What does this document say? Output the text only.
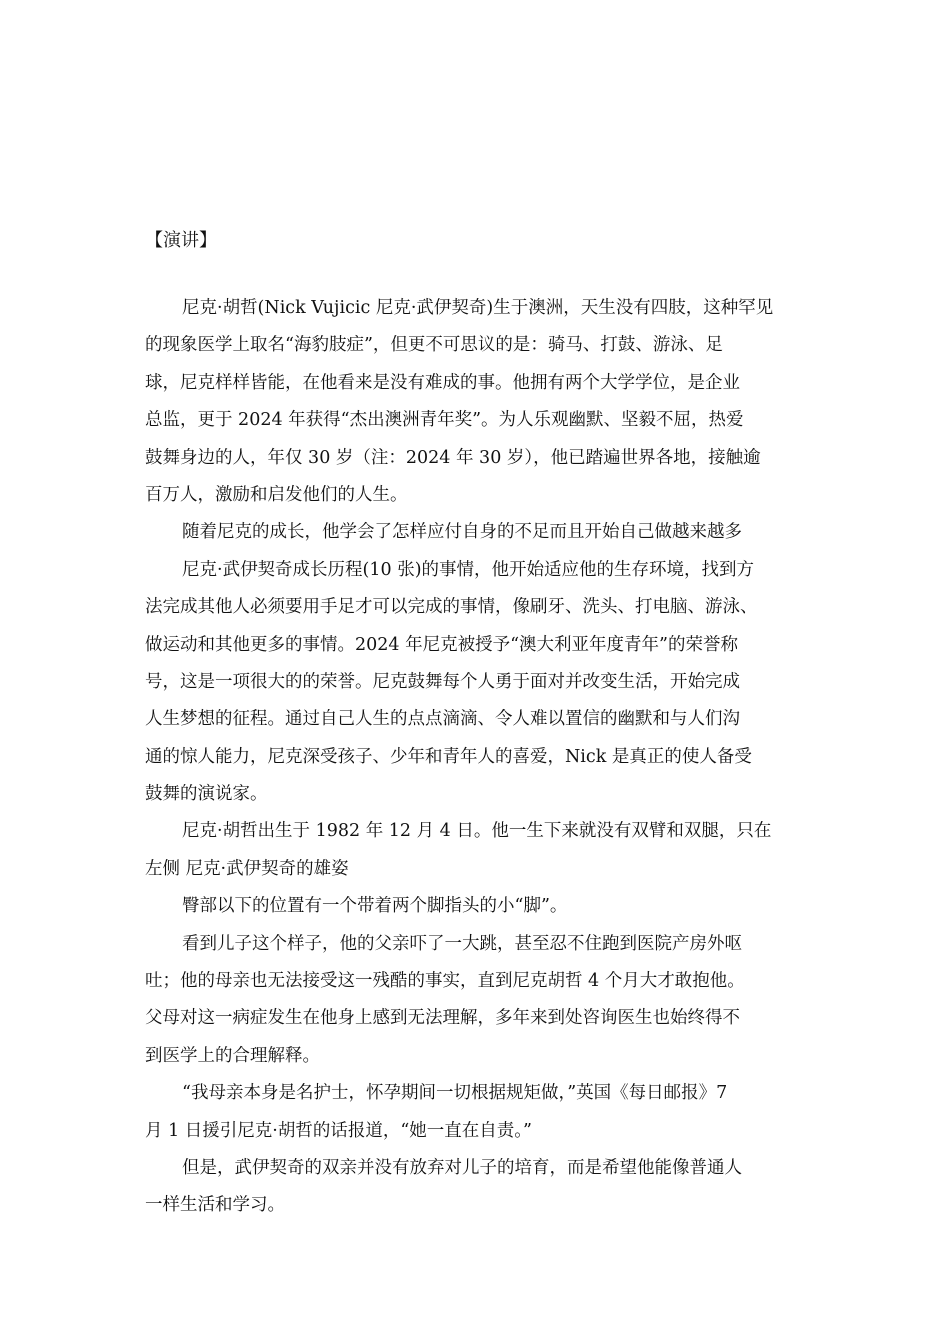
【演讲】
尼克·胡哲(Nick Vujicic 尼克·武伊契奇)生于澳洲，天生没有四肢，这种罕见
的现象医学上取名“海豹肢症”，但更不可思议的是：骑马、打鼓、游泳、足
球，尼克样样皆能，在他看来是没有难成的事。他拥有两个大学学位，是企业
总监，更于 2024 年获得“杰出澳洲青年奖”。为人乐观幽默、坚毅不屈，热爱
鼓舞身边的人，年仅 30 岁（注：2024 年 30 岁），他已踏遍世界各地，接触逾
百万人，激励和启发他们的人生。
随着尼克的成长，他学会了怎样应付自身的不足而且开始自己做越来越多
尼克·武伊契奇成长历程(10 张)的事情，他开始适应他的生存环境，找到方
法完成其他人必须要用手足才可以完成的事情，像刷牙、洗头、打电脑、游泳、
做运动和其他更多的事情。2024 年尼克被授予“澳大利亚年度青年”的荣誉称
号，这是一项很大的的荣誉。尼克鼓舞每个人勇于面对并改变生活，开始完成
人生梦想的征程。通过自己人生的点点滴滴、令人难以置信的幽默和与人们沟
通的惊人能力，尼克深受孩子、少年和青年人的喜爱，Nick 是真正的使人备受
鼓舞的演说家。
尼克·胡哲出生于 1982 年 12 月 4 日。他一生下来就没有双臂和双腿，只在
左侧 尼克·武伊契奇的雄姿
臀部以下的位置有一个带着两个脚指头的小“脚”。
看到儿子这个样子，他的父亲吓了一大跳，甚至忍不住跑到医院产房外呕
吐；他的母亲也无法接受这一残酷的事实，直到尼克胡哲 4 个月大才敢抱他。
父母对这一病症发生在他身上感到无法理解，多年来到处咨询医生也始终得不
到医学上的合理解释。
“我母亲本身是名护士，怀孕期间一切根据规矩做，”英国《每日邮报》7
月 1 日援引尼克·胡哲的话报道，“她一直在自责。”
但是，武伊契奇的双亲并没有放弃对儿子的培育，而是希望他能像普通人
一样生活和学习。
